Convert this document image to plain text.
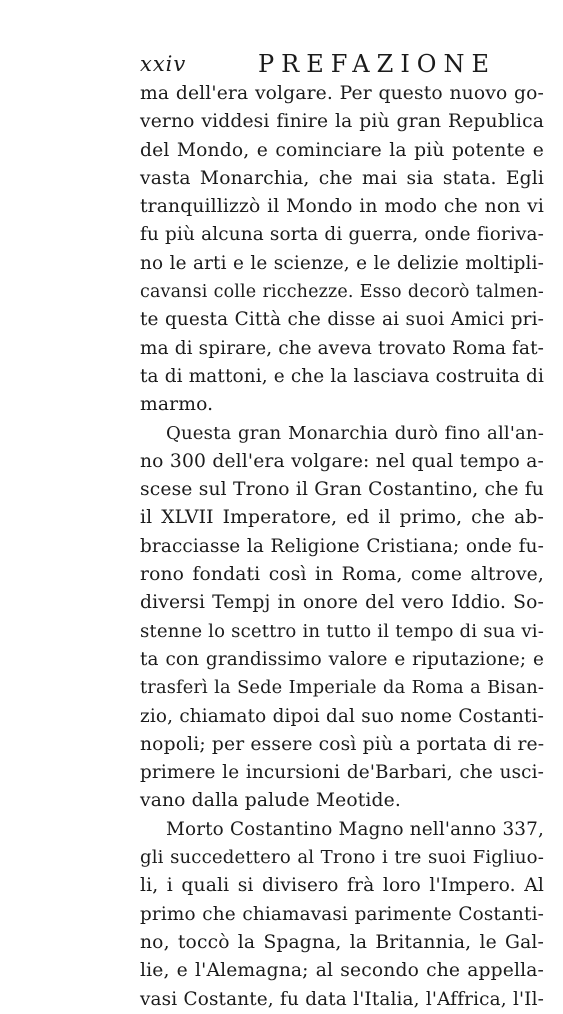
xxiv	PREFAZIONE
ma dell'era volgare. Per questo nuovo go-
verno viddesi finire la più gran Republica
del Mondo, e cominciare la più potente e
vasta Monarchia, che mai sia stata. Egli
tranquillizzò il Mondo in modo che non vi
fu più alcuna sorta di guerra, onde fioriva-
no le arti e le scienze, e le delizie moltipli-
cavansi colle ricchezze. Esso decorò talmen-
te questa Città che disse ai suoi Amici pri-
ma di spirare, che aveva trovato Roma fat-
ta di mattoni, e che la lasciava costruita di
marmo.
Questa gran Monarchia durò fino all'an-
no 300 dell'era volgare: nel qual tempo a-
scese sul Trono il Gran Costantino, che fu
il XLVII Imperatore, ed il primo, che ab-
bracciasse la Religione Cristiana; onde fu-
rono fondati così in Roma, come altrove,
diversi Tempj in onore del vero Iddio. So-
stenne lo scettro in tutto il tempo di sua vi-
ta con grandissimo valore e riputazione; e
trasferì la Sede Imperiale da Roma a Bisan-
zio, chiamato dipoi dal suo nome Costanti-
nopoli; per essere così più a portata di re-
primere le incursioni de'Barbari, che usci-
vano dalla palude Meotide.
Morto Costantino Magno nell'anno 337,
gli succedettero al Trono i tre suoi Figliuo-
li, i quali si divisero frà loro l'Impero. Al
primo che chiamavasi parimente Costanti-
no, toccò la Spagna, la Britannia, le Gal-
lie, e l'Alemagna; al secondo che appella-
vasi Costante, fu data l'Italia, l'Affrica, l'Il-
